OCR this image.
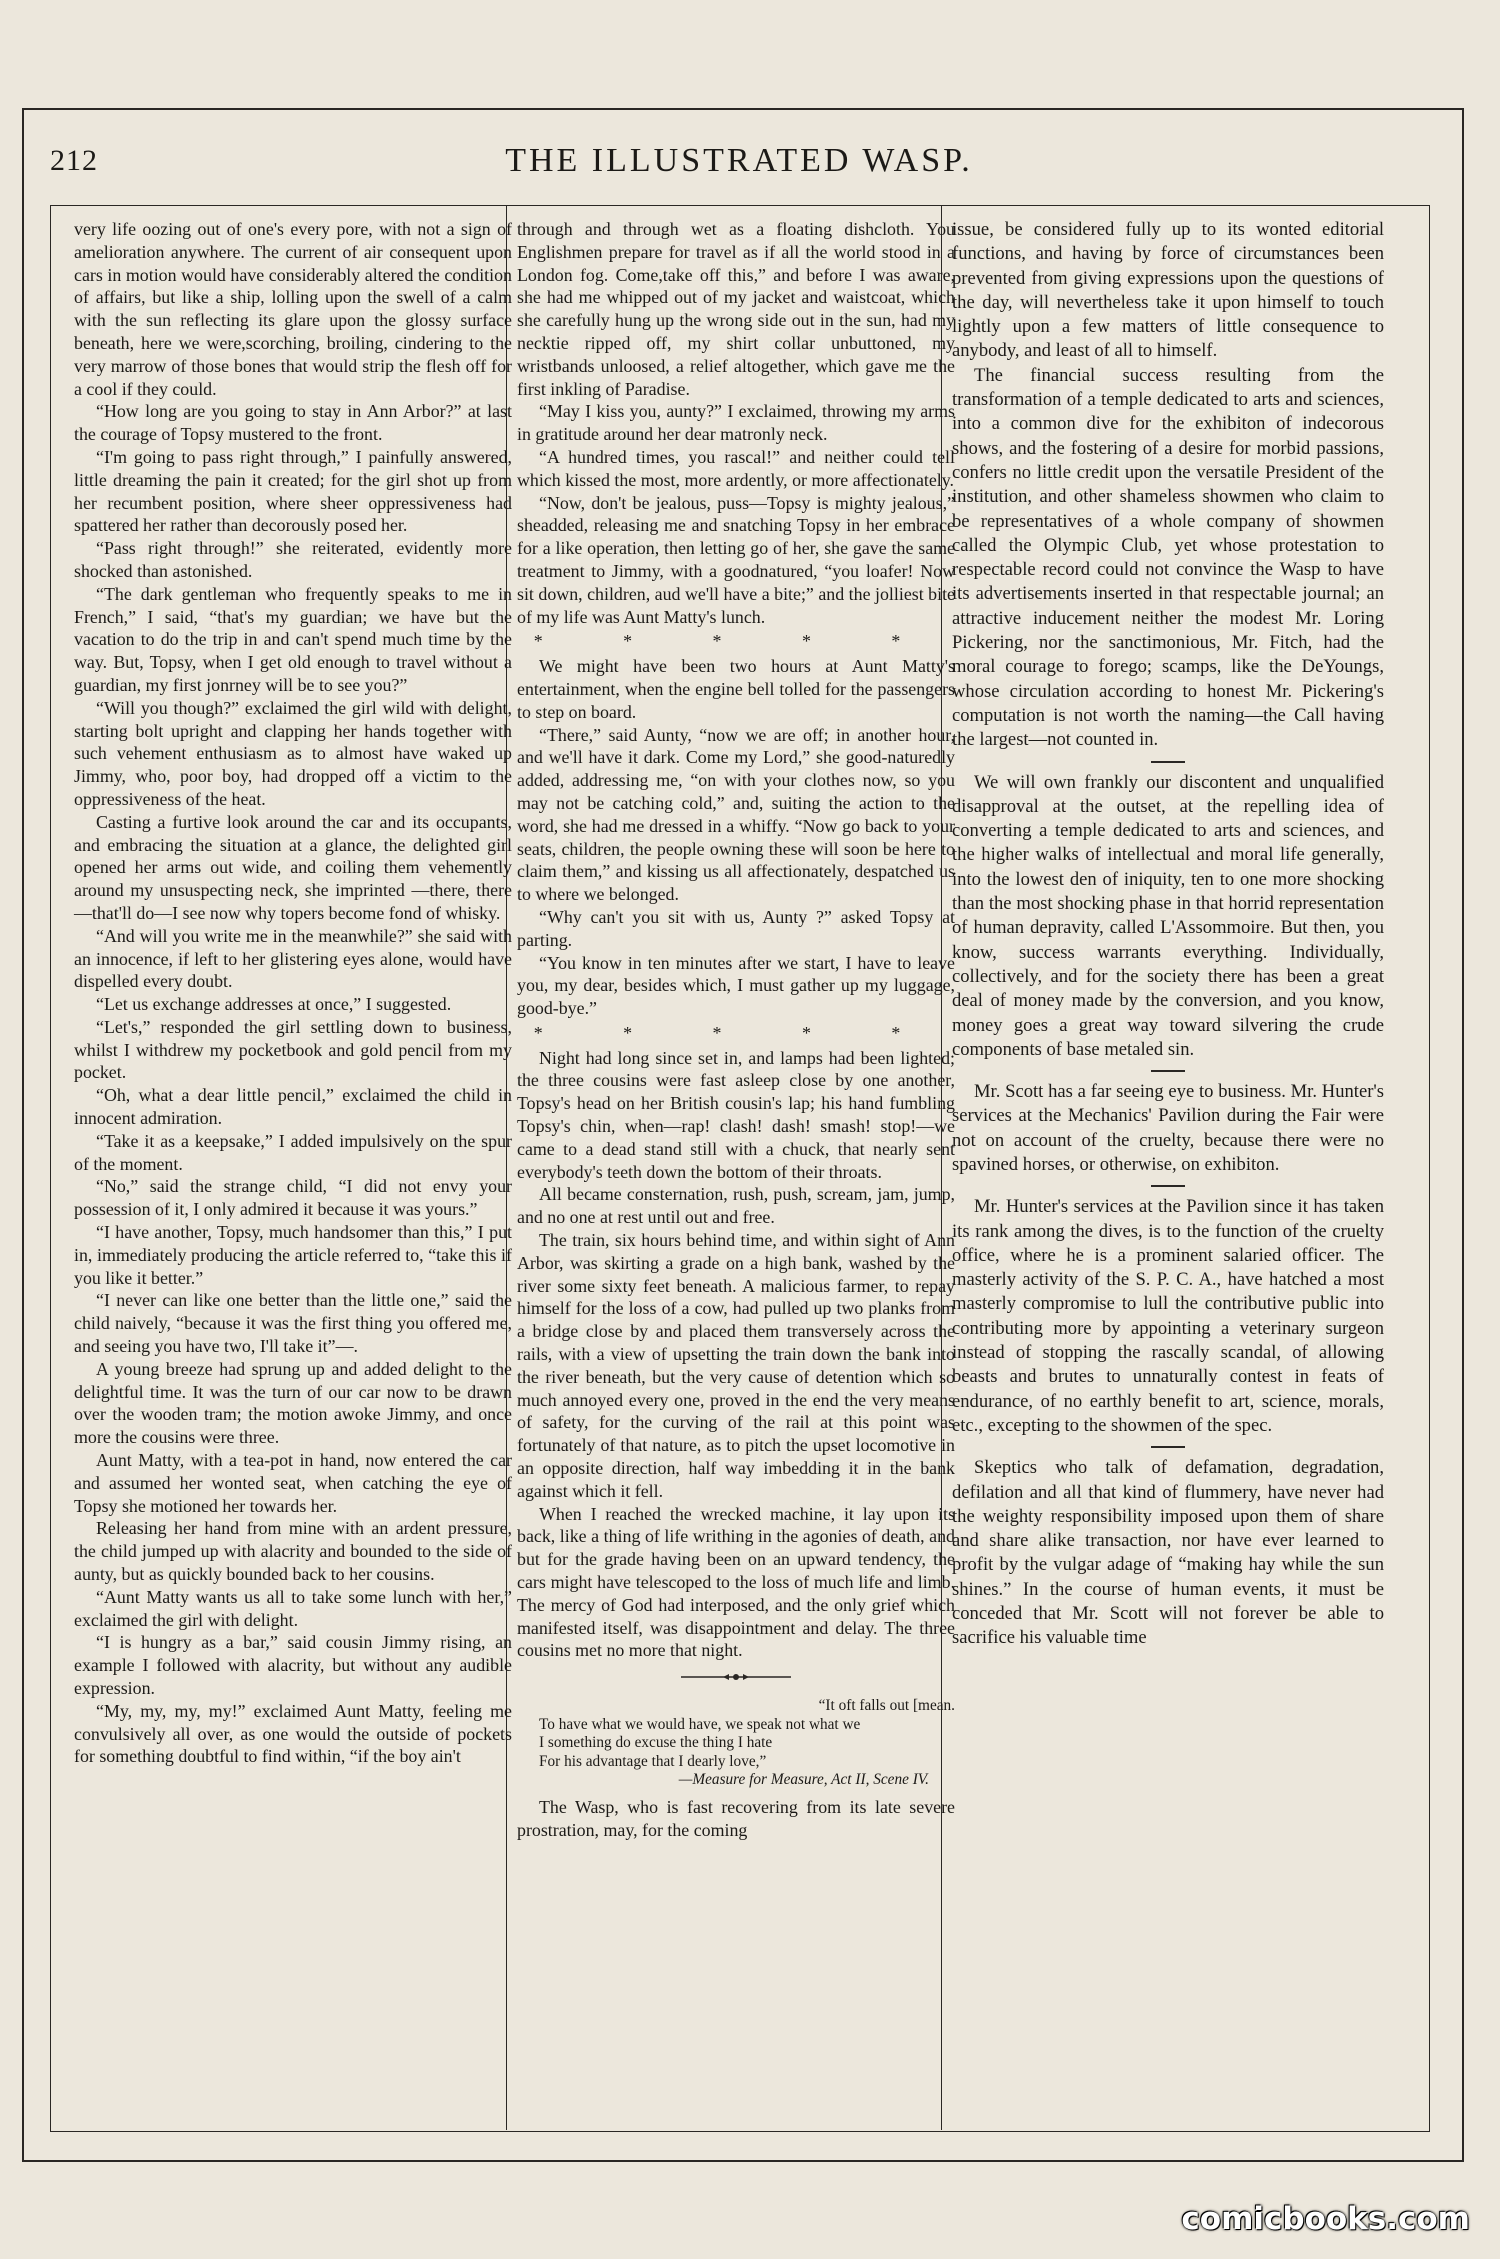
212	THE ILLUSTRATED WASP.

very life oozing out of one's every pore, with not a sign of amelioration anywhere. The current of air consequent upon cars in motion would have considerably altered the condition of affairs, but like a ship, lolling upon the swell of a calm with the sun reflecting its glare upon the glossy surface beneath, here we were,scorching, broiling, cindering to the very marrow of those bones that would strip the flesh off for a cool if they could.

“How long are you going to stay in Ann Arbor?” at last the courage of Topsy mustered to the front.

“I'm going to pass right through,” I painfully answered, little dreaming the pain it created; for the girl shot up from her recumbent position, where sheer oppressiveness had spattered her rather than decorously posed her.

“Pass right through!” she reiterated, evidently more shocked than astonished.

“The dark gentleman who frequently speaks to me in French,” I said, “that's my guardian; we have but the vacation to do the trip in and can't spend much time by the way. But, Topsy, when I get old enough to travel without a guardian, my first jonrney will be to see you?”

“Will you though?” exclaimed the girl wild with delight, starting bolt upright and clapping her hands together with such vehement enthusiasm as to almost have waked up Jimmy, who, poor boy, had dropped off a victim to the oppressiveness of the heat.

Casting a furtive look around the car and its occupants, and embracing the situation at a glance, the delighted girl opened her arms out wide, and coiling them vehemently around my unsuspecting neck, she imprinted —there, there—that'll do—I see now why topers become fond of whisky.

“And will you write me in the meanwhile?” she said with an innocence, if left to her glistering eyes alone, would have dispelled every doubt.

“Let us exchange addresses at once,” I suggested.

“Let's,” responded the girl settling down to business, whilst I withdrew my pocketbook and gold pencil from my pocket.

“Oh, what a dear little pencil,” exclaimed the child in innocent admiration.

“Take it as a keepsake,” I added impulsively on the spur of the moment.

“No,” said the strange child, “I did not envy your possession of it, I only admired it because it was yours.”

“I have another, Topsy, much handsomer than this,” I put in, immediately producing the article referred to, “take this if you like it better.”

“I never can like one better than the little one,” said the child naively, “because it was the first thing you offered me, and seeing you have two, I'll take it”—.

A young breeze had sprung up and added delight to the delightful time. It was the turn of our car now to be drawn over the wooden tram; the motion awoke Jimmy, and once more the cousins were three.

Aunt Matty, with a tea-pot in hand, now entered the car and assumed her wonted seat, when catching the eye of Topsy she motioned her towards her.

Releasing her hand from mine with an ardent pressure, the child jumped up with alacrity and bounded to the side of aunty, but as quickly bounded back to her cousins.

“Aunt Matty wants us all to take some lunch with her,” exclaimed the girl with delight.

“I is hungry as a bar,” said cousin Jimmy rising, an example I followed with alacrity, but without any audible expression.

“My, my, my, my!” exclaimed Aunt Matty, feeling me convulsively all over, as one would the outside of pockets for something doubtful to find within, “if the boy ain't

through and through wet as a floating dishcloth. You Englishmen prepare for travel as if all the world stood in a London fog. Come,take off this,” and before I was aware, she had me whipped out of my jacket and waistcoat, which she carefully hung up the wrong side out in the sun, had my necktie ripped off, my shirt collar unbuttoned, my wristbands unloosed, a relief altogether, which gave me the first inkling of Paradise.

“May I kiss you, aunty?” I exclaimed, throwing my arms in gratitude around her dear matronly neck.

“A hundred times, you rascal!” and neither could tell which kissed the most, more ardently, or more affectionately.

“Now, don't be jealous, puss—Topsy is mighty jealous,” sheadded, releasing me and snatching Topsy in her embrace for a like operation, then letting go of her, she gave the same treatment to Jimmy, with a goodnatured, “you loafer! Now sit down, children, aud we'll have a bite;” and the jolliest bite of my life was Aunt Matty's lunch.

* * * * *

We might have been two hours at Aunt Matty's entertainment, when the engine bell tolled for the passengers to step on board.

“There,” said Aunty, “now we are off; in another hour, and we'll have it dark. Come my Lord,” she good-naturedly added, addressing me, “on with your clothes now, so you may not be catching cold,” and, suiting the action to the word, she had me dressed in a whiffy. “Now go back to your seats, children, the people owning these will soon be here to claim them,” and kissing us all affectionately, despatched us to where we belonged.

“Why can't you sit with us, Aunty ?” asked Topsy at parting.

“You know in ten minutes after we start, I have to leave you, my dear, besides which, I must gather up my luggage, good-bye.”

* * * * *

Night had long since set in, and lamps had been lighted; the three cousins were fast asleep close by one another, Topsy's head on her British cousin's lap; his hand fumbling Topsy's chin, when—rap! clash! dash! smash! stop!—we came to a dead stand still with a chuck, that nearly sent everybody's teeth down the bottom of their throats.

All became consternation, rush, push, scream, jam, jump, and no one at rest until out and free.

The train, six hours behind time, and within sight of Ann Arbor, was skirting a grade on a high bank, washed by the river some sixty feet beneath. A malicious farmer, to repay himself for the loss of a cow, had pulled up two planks from a bridge close by and placed them transversely across the rails, with a view of upsetting the train down the bank into the river beneath, but the very cause of detention which so much annoyed every one, proved in the end the very means of safety, for the curving of the rail at this point was fortunately of that nature, as to pitch the upset locomotive in an opposite direction, half way imbedding it in the bank against which it fell.

When I reached the wrecked machine, it lay upon its back, like a thing of life writhing in the agonies of death, and but for the grade having been on an upward tendency, the cars might have telescoped to the loss of much life and limb. The mercy of God had interposed, and the only grief which manifested itself, was disappointment and delay. The three cousins met no more that night.

“It oft falls out [mean.

To have what we would have, we speak not what we

I something do excuse the thing I hate

For his advantage that I dearly love,”

—Measure for Measure, Act II, Scene IV.

The Wasp, who is fast recovering from its late severe prostration, may, for the coming

issue, be considered fully up to its wonted editorial functions, and having by force of circumstances been prevented from giving expressions upon the questions of the day, will nevertheless take it upon himself to touch lightly upon a few matters of little consequence to anybody, and least of all to himself.

The financial success resulting from the transformation of a temple dedicated to arts and sciences, into a common dive for the exhibiton of indecorous shows, and the fostering of a desire for morbid passions, confers no little credit upon the versatile President of the institution, and other shameless showmen who claim to be representatives of a whole company of showmen called the Olympic Club, yet whose protestation to respectable record could not convince the Wasp to have its advertisements inserted in that respectable journal; an attractive inducement neither the modest Mr. Loring Pickering, nor the sanctimonious, Mr. Fitch, had the moral courage to forego; scamps, like the DeYoungs, whose circulation according to honest Mr. Pickering's computation is not worth the naming—the Call having the largest—not counted in.

We will own frankly our discontent and unqualified disapproval at the outset, at the repelling idea of converting a temple dedicated to arts and sciences, and the higher walks of intellectual and moral life generally, into the lowest den of iniquity, ten to one more shocking than the most shocking phase in that horrid representation of human depravity, called L'Assommoire. But then, you know, success warrants everything. Individually, collectively, and for the society there has been a great deal of money made by the conversion, and you know, money goes a great way toward silvering the crude components of base metaled sin.

Mr. Scott has a far seeing eye to business. Mr. Hunter's services at the Mechanics' Pavilion during the Fair were not on account of the cruelty, because there were no spavined horses, or otherwise, on exhibiton.

Mr. Hunter's services at the Pavilion since it has taken its rank among the dives, is to the function of the cruelty office, where he is a prominent salaried officer. The masterly activity of the S. P. C. A., have hatched a most masterly compromise to lull the contributive public into contributing more by appointing a veterinary surgeon instead of stopping the rascally scandal, of allowing beasts and brutes to unnaturally contest in feats of endurance, of no earthly benefit to art, science, morals, etc., excepting to the showmen of the spec.

Skeptics who talk of defamation, degradation, defilation and all that kind of flummery, have never had the weighty responsibility imposed upon them of share and share alike transaction, nor have ever learned to profit by the vulgar adage of “making hay while the sun shines.” In the course of human events, it must be conceded that Mr. Scott will not forever be able to sacrifice his valuable time

comicbooks.com
